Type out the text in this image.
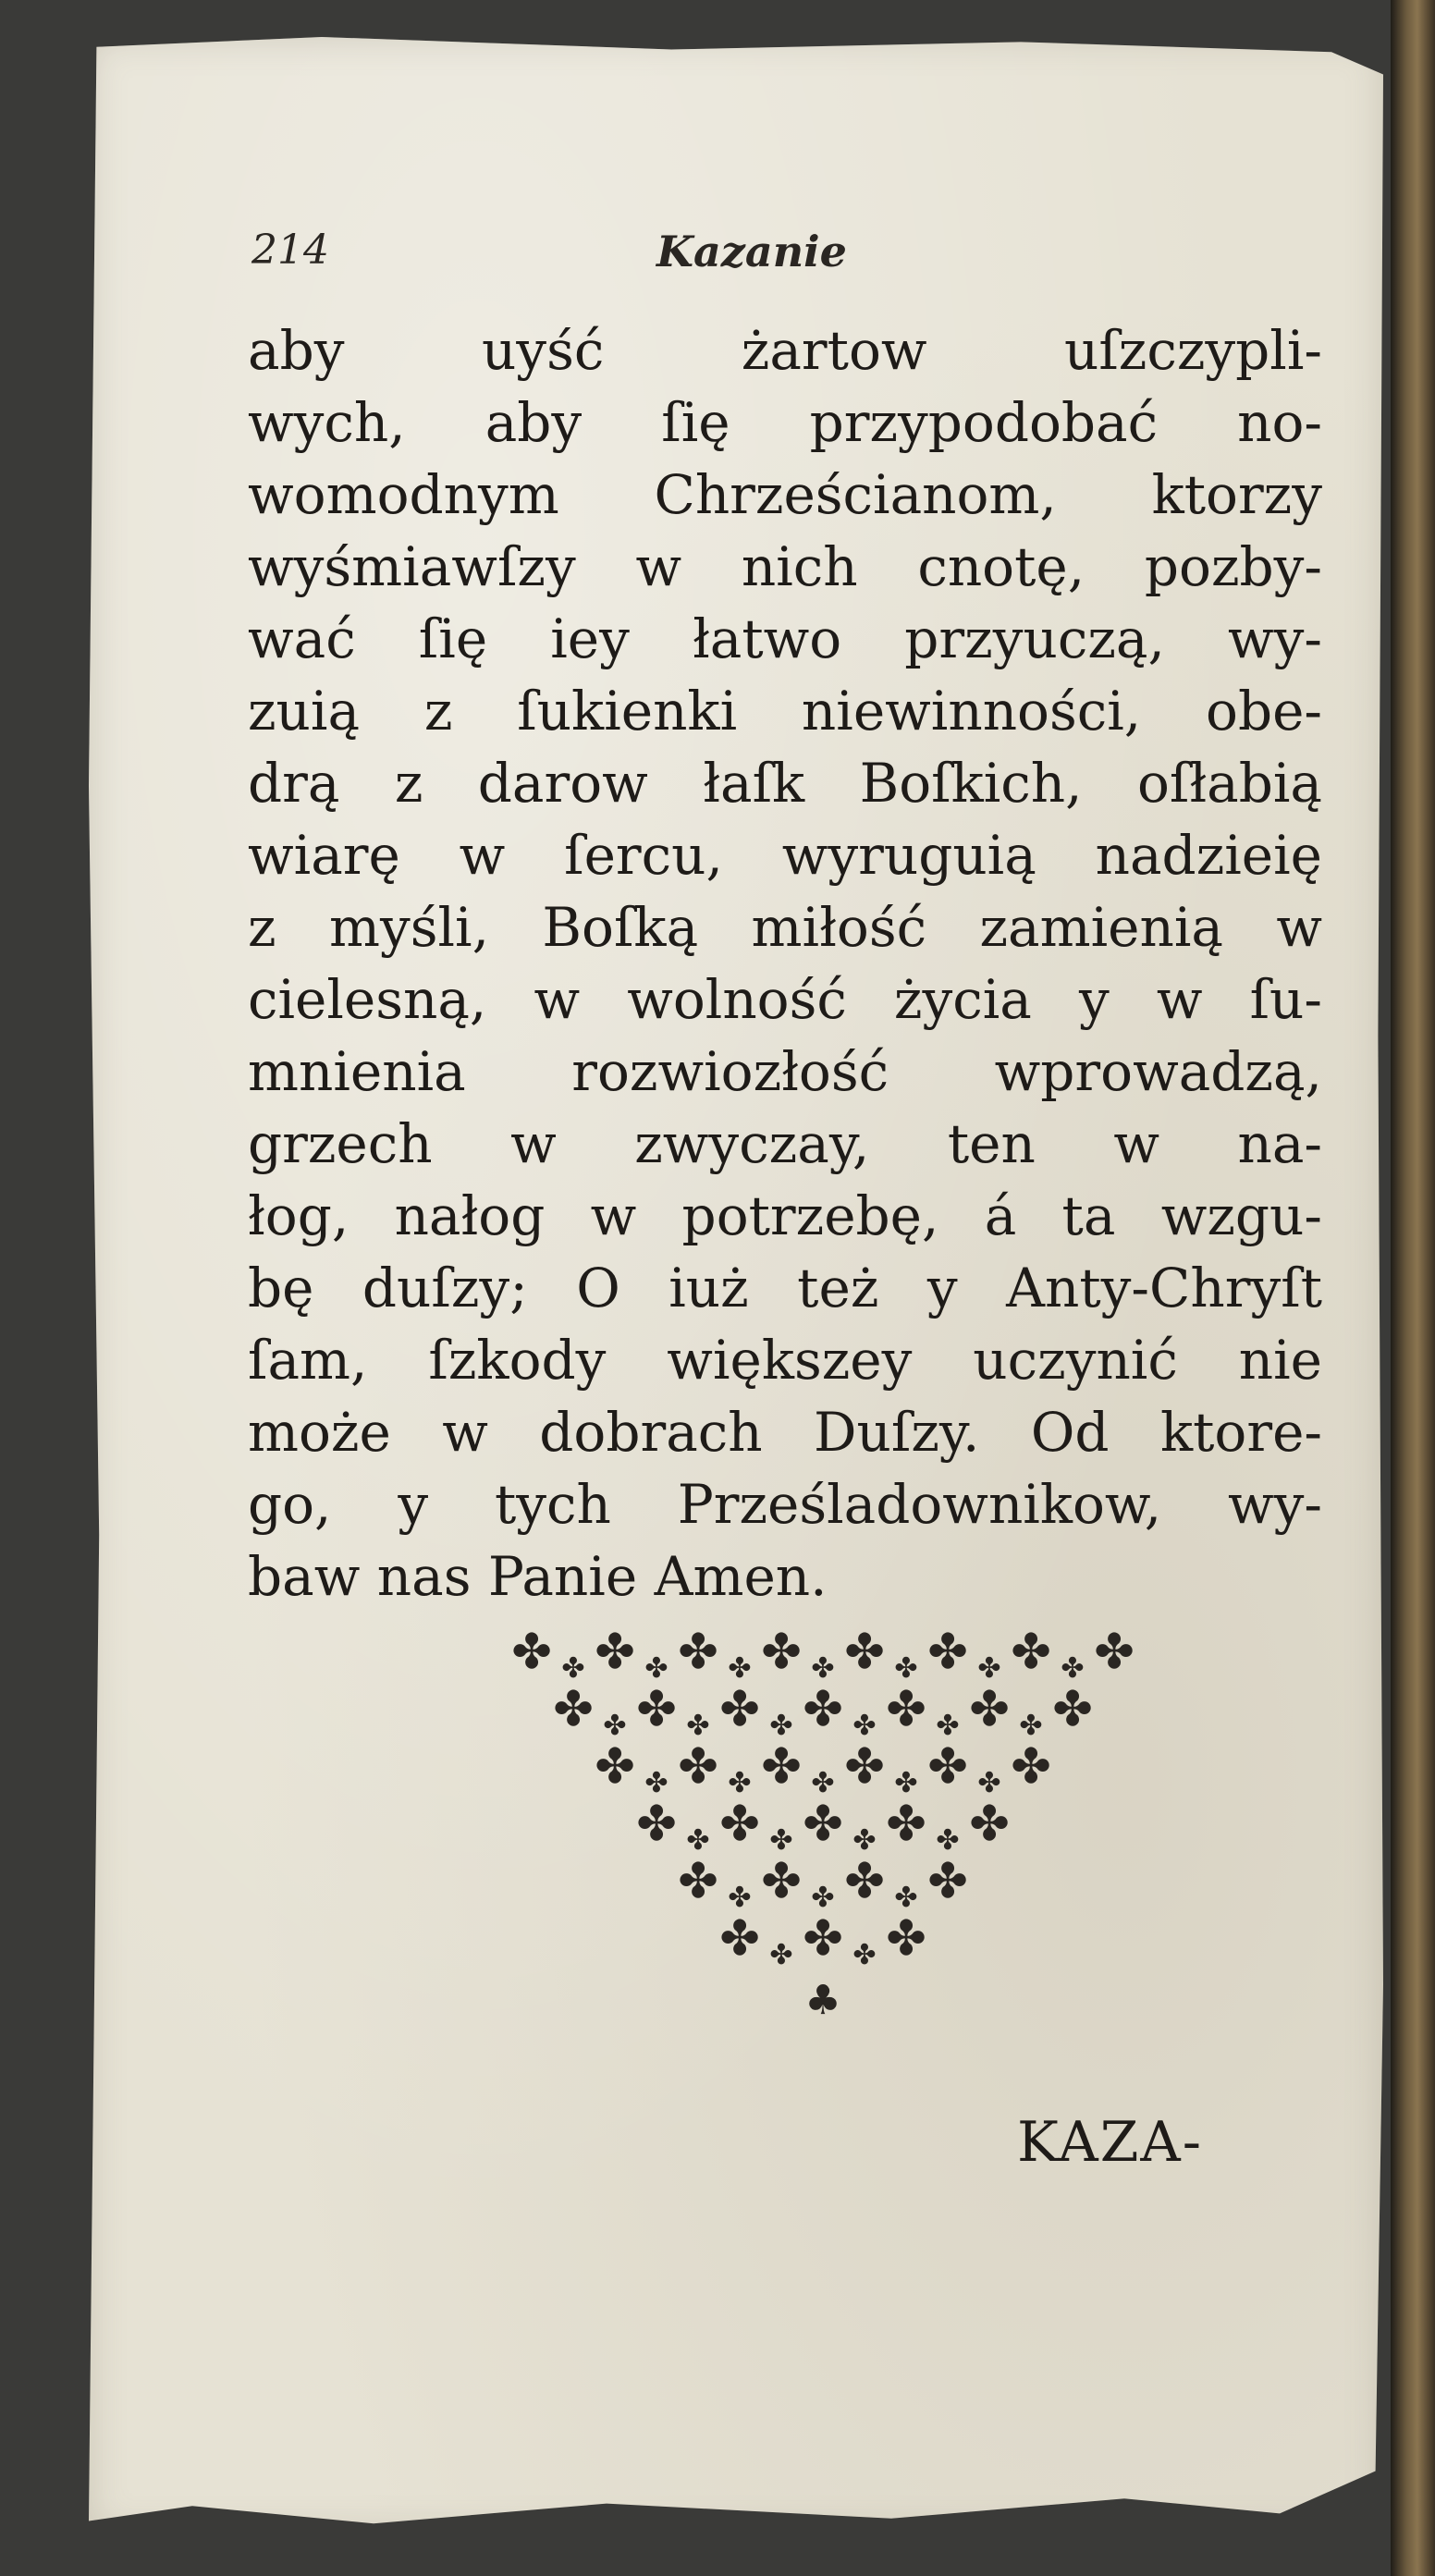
214	Kazanie
aby uyść żartow uſzczypli-
wych, aby ſię przypodobać no-
womodnym Chrześcianom, ktorzy
wyśmiawſzy w nich cnotę, pozby-
wać ſię iey łatwo przyuczą, wy-
zuią z ſukienki niewinności, obe-
drą z darow łaſk Boſkich, oſłabią
wiarę w ſercu, wyruguią nadzieię
z myśli, Boſką miłość zamienią w
cielesną, w wolność życia y w ſu-
mnienia rozwiozłość wprowadzą,
grzech w zwyczay, ten w na-
łog, nałog w potrzebę, á ta wzgu-
bę duſzy; O iuż też y Anty-Chryſt
ſam, ſzkody większey uczynić nie
może w dobrach Duſzy. Od ktore-
go, y tych Prześladownikow, wy-
baw nas Panie Amen.
✤ ✤ ✤ ✤ ✤ ✤ ✤ ✤ ✤ ✤ ✤ ✤ ✤ ✤ ✤
✤ ✤ ✤ ✤ ✤ ✤ ✤ ✤ ✤ ✤ ✤ ✤ ✤
✤ ✤ ✤ ✤ ✤ ✤ ✤ ✤ ✤ ✤ ✤
✤ ✤ ✤ ✤ ✤ ✤ ✤ ✤ ✤
✤ ✤ ✤ ✤ ✤ ✤ ✤
✤ ✤ ✤ ✤ ✤
♣
KAZA-
